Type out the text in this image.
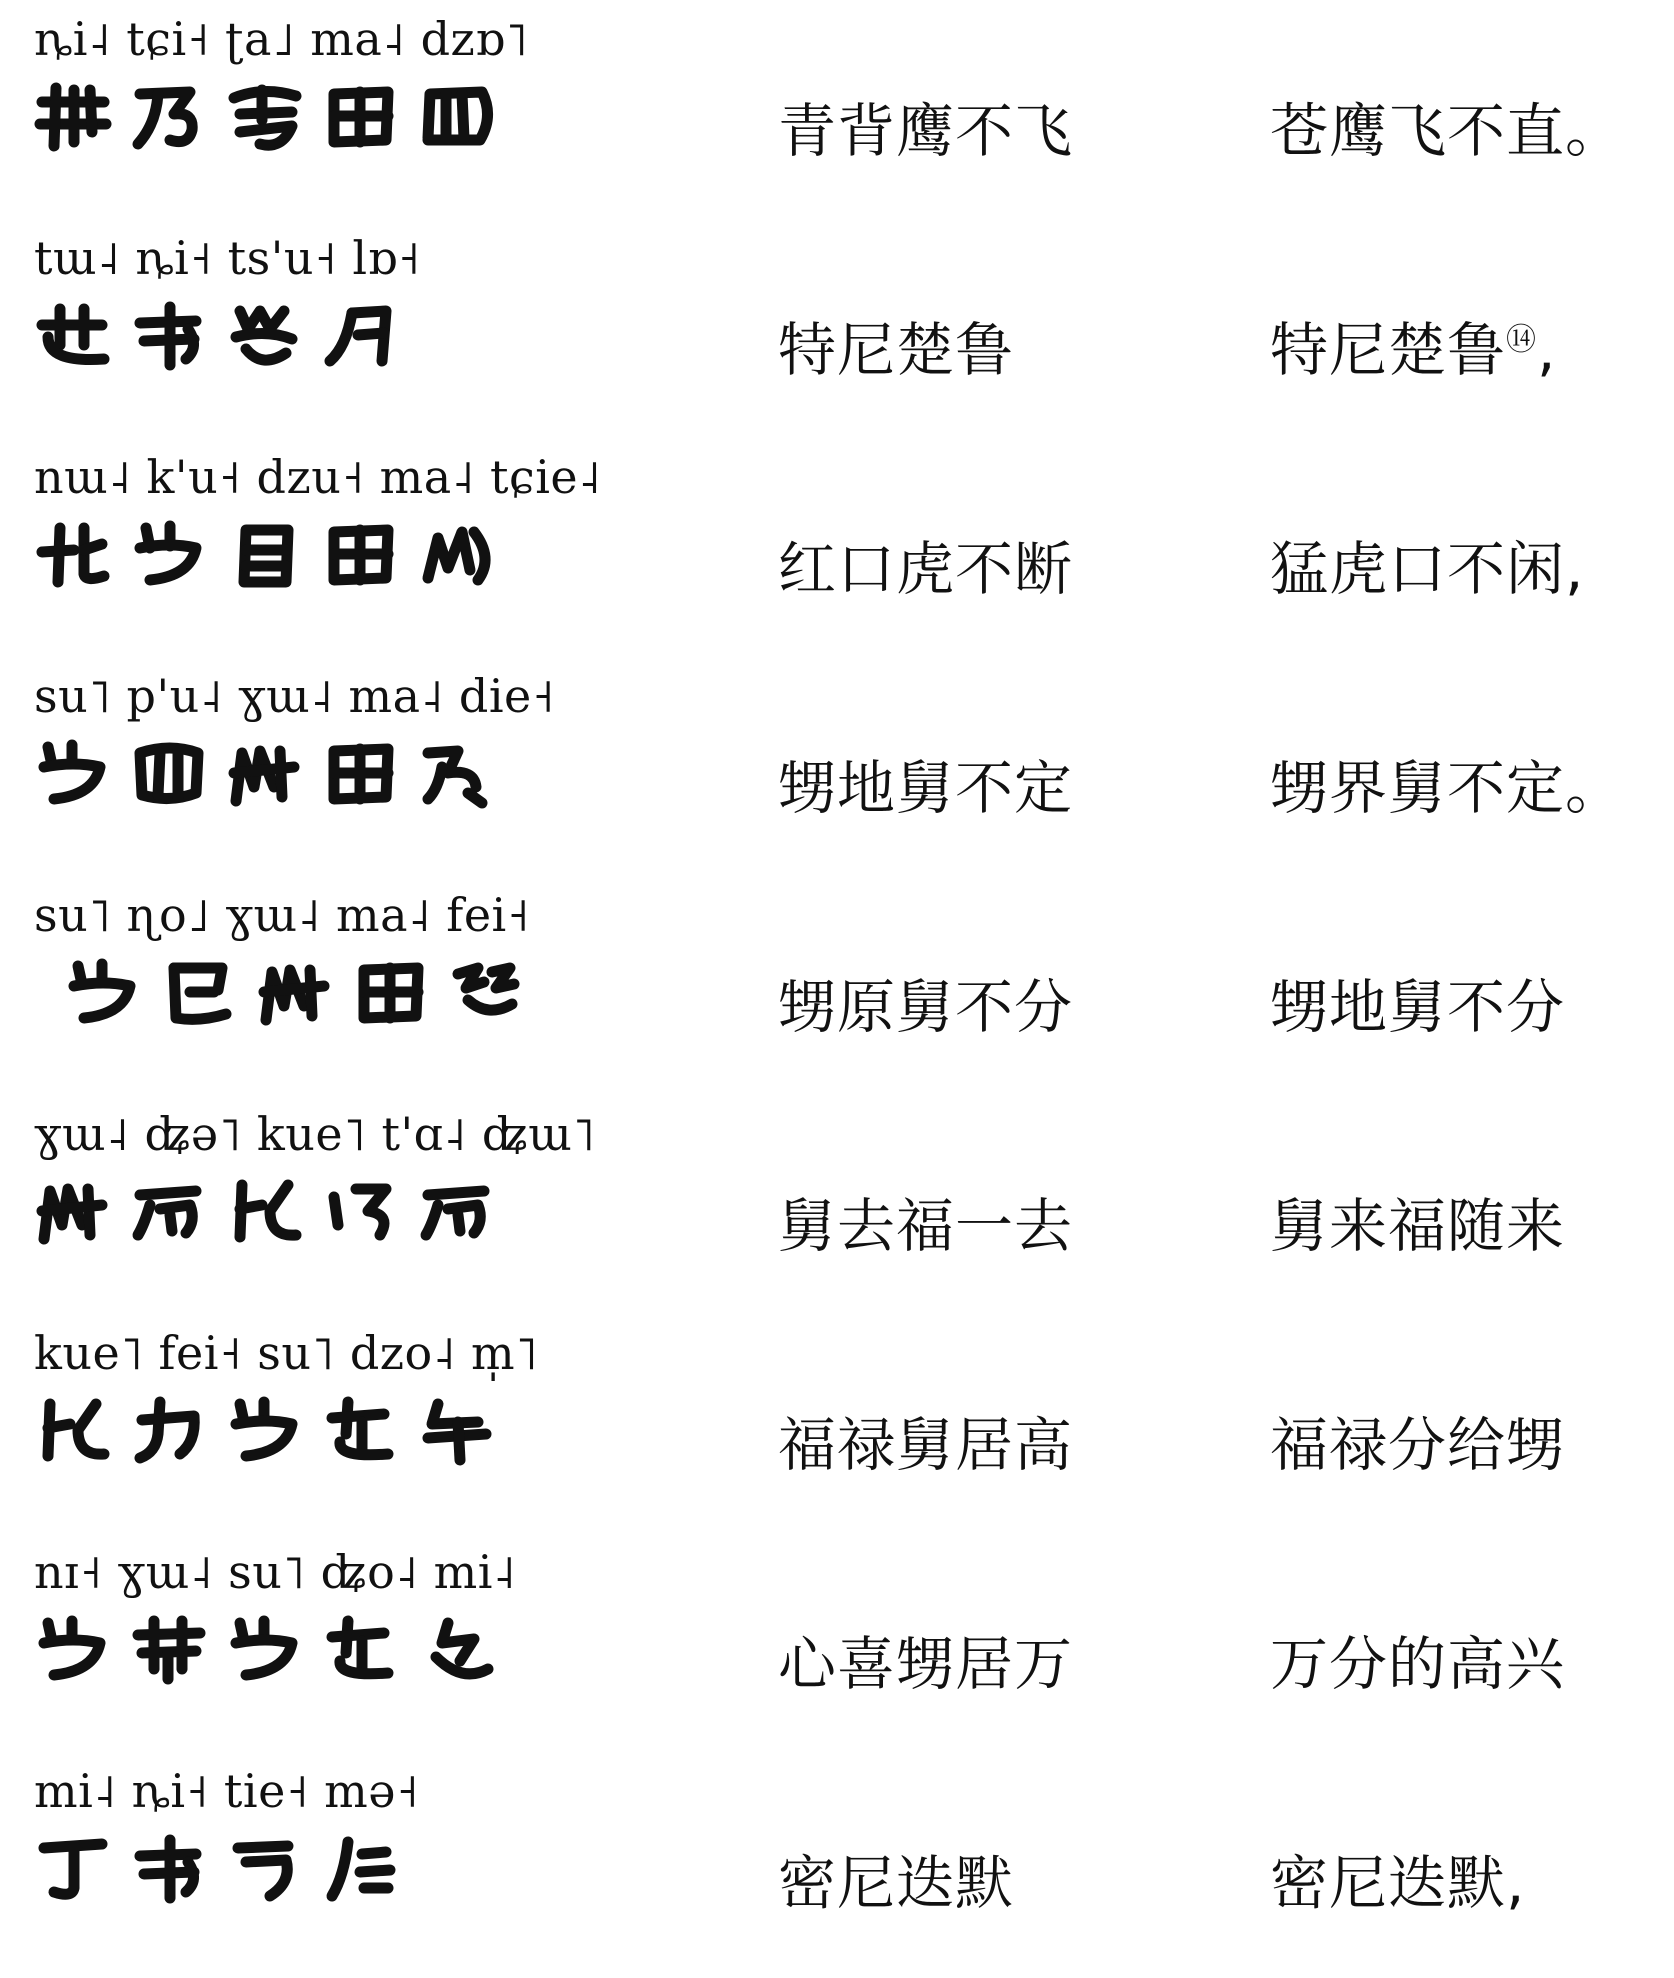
ȵi˨ tɕi˧ ʈa˩ ma˨ dzɒ˥
青背鹰不飞	苍鹰飞不直。
tɯ˨ ȵi˧ ts'u˧ lɒ˧
特尼楚鲁	特尼楚鲁⑭,
nɯ˨ k'u˧ dzu˧ ma˨ tɕie˨
红口虎不断	猛虎口不闲,
su˥ p'u˨ ɣɯ˨ ma˨ die˧
甥地舅不定	甥界舅不定。
su˥ ɳo˩ ɣɯ˨ ma˨ fei˧
甥原舅不分	甥地舅不分
ɣɯ˨ ʥə˥ kue˥ t'ɑ˨ ʥɯ˥
舅去福一去	舅来福随来
kue˥ fei˧ su˥ dzo˨ m̩˥
福禄舅居高	福禄分给甥
nɪ˧ ɣɯ˨ su˥ ʥo˨ mi˨
心喜甥居万	万分的高兴
mi˨ ȵi˧ tie˧ mə˧
密尼迭默	密尼迭默,
